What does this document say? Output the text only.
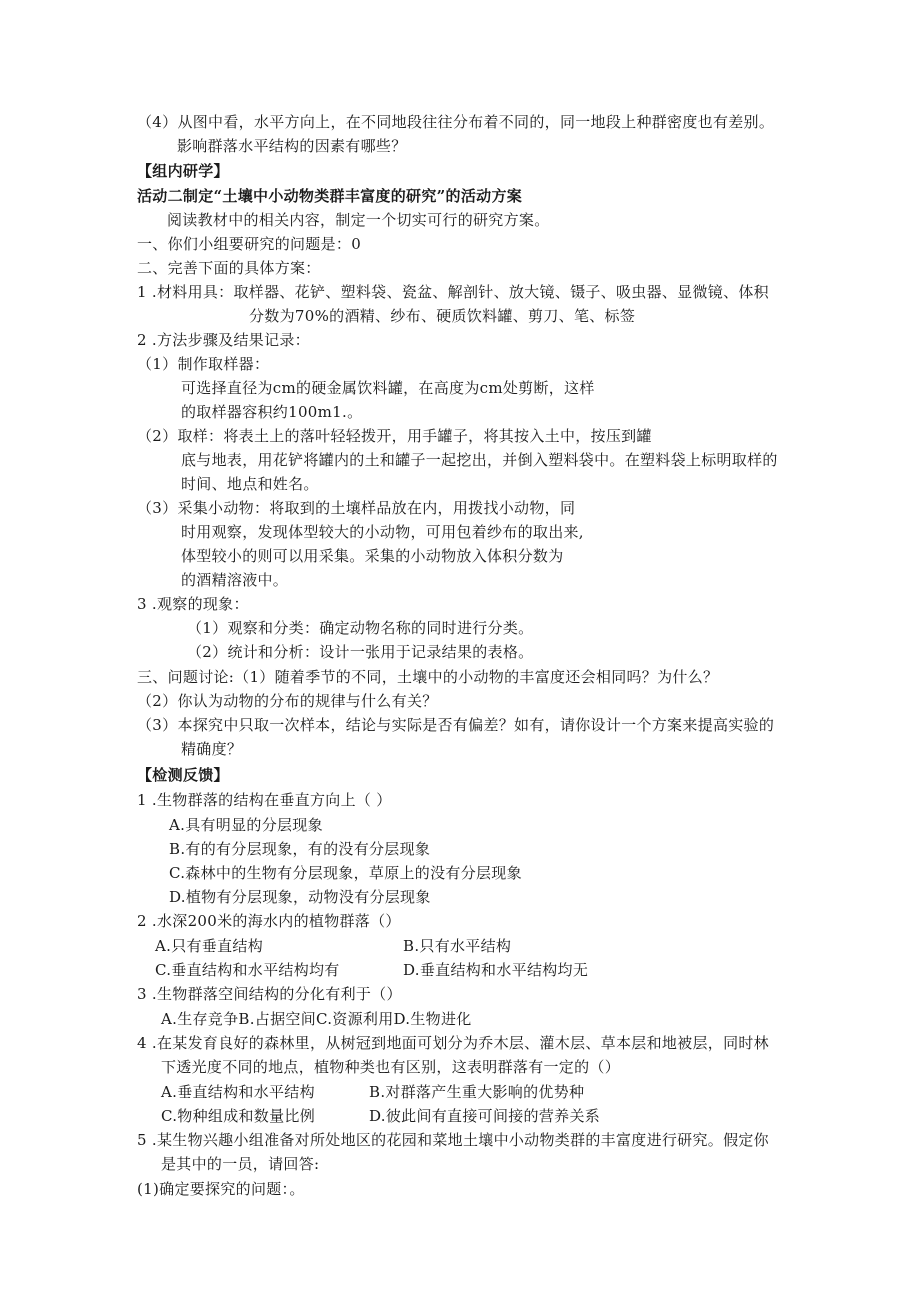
（4）从图中看，水平方向上，在不同地段往往分布着不同的，同一地段上种群密度也有差别。
影响群落水平结构的因素有哪些？
【组内研学】
活动二制定“土壤中小动物类群丰富度的研究”的活动方案
阅读教材中的相关内容，制定一个切实可行的研究方案。
一、你们小组要研究的问题是：0
二、完善下面的具体方案：
1 .材料用具：取样器、花铲、塑料袋、瓷盆、解剖针、放大镜、镊子、吸虫器、显微镜、体积
分数为70%的酒精、纱布、硬质饮料罐、剪刀、笔、标签
2 .方法步骤及结果记录：
（1）制作取样器：
可选择直径为cm的硬金属饮料罐，在高度为cm处剪断，这样
的取样器容积约100m1.。
（2）取样：将表土上的落叶轻轻拨开，用手罐子，将其按入土中，按压到罐
底与地表，用花铲将罐内的土和罐子一起挖出，并倒入塑料袋中。在塑料袋上标明取样的
时间、地点和姓名。
（3）采集小动物：将取到的土壤样品放在内，用拨找小动物，同
时用观察，发现体型较大的小动物，可用包着纱布的取出来,
体型较小的则可以用采集。采集的小动物放入体积分数为
的酒精溶液中。
3 .观察的现象：
（1）观察和分类：确定动物名称的同时进行分类。
（2）统计和分析：设计一张用于记录结果的表格。
三、问题讨论:（1）随着季节的不同，土壤中的小动物的丰富度还会相同吗？为什么？
（2）你认为动物的分布的规律与什么有关？
（3）本探究中只取一次样本，结论与实际是否有偏差？如有，请你设计一个方案来提高实验的
精确度？
【检测反馈】
1 .生物群落的结构在垂直方向上（ ）
A.具有明显的分层现象
B.有的有分层现象，有的没有分层现象
C.森林中的生物有分层现象，草原上的没有分层现象
D.植物有分层现象，动物没有分层现象
2 .水深200米的海水内的植物群落（）
A.只有垂直结构	B.只有水平结构
C.垂直结构和水平结构均有	D.垂直结构和水平结构均无
3 .生物群落空间结构的分化有利于（）
A.生存竞争B.占据空间C.资源利用D.生物进化
4 .在某发育良好的森林里，从树冠到地面可划分为乔木层、灌木层、草本层和地被层，同时林
下透光度不同的地点，植物种类也有区别，这表明群落有一定的（）
A.垂直结构和水平结构	B.对群落产生重大影响的优势种
C.物种组成和数量比例	D.彼此间有直接可间接的营养关系
5 .某生物兴趣小组准备对所处地区的花园和菜地土壤中小动物类群的丰富度进行研究。假定你
是其中的一员，请回答:
(1)确定要探究的问题：。
